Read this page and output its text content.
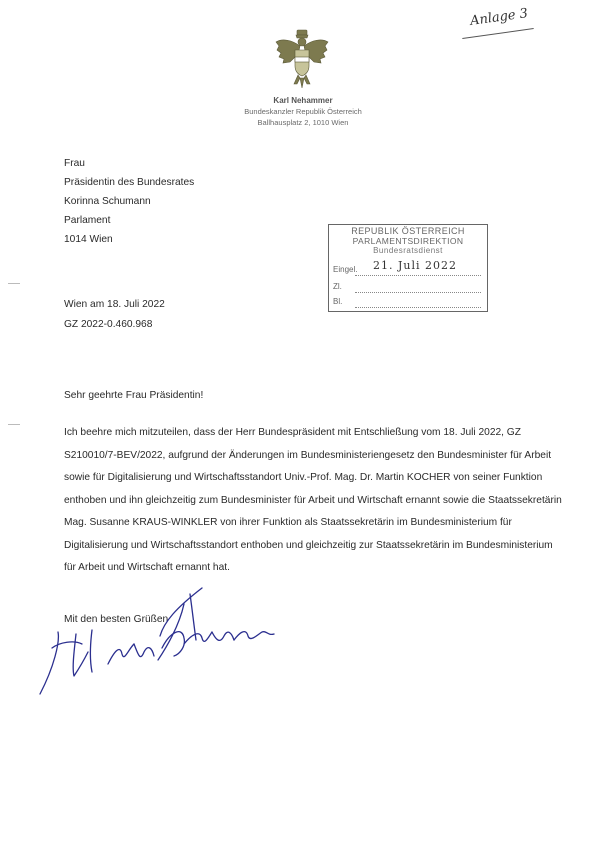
Anlage 3
Karl Nehammer
Bundeskanzler Republik Österreich
Ballhausplatz 2, 1010 Wien
Frau
Präsidentin des Bundesrates
Korinna Schumann
Parlament
1014 Wien
REPUBLIK ÖSTERREICH
PARLAMENTSDIREKTION
Bundesratsdienst
Eingel. 21. Juli 2022
Zl.
Bl.
Wien am 18. Juli 2022
GZ 2022-0.460.968
Sehr geehrte Frau Präsidentin!
Ich beehre mich mitzuteilen, dass der Herr Bundespräsident mit Entschließung vom 18. Juli 2022, GZ S210010/7-BEV/2022, aufgrund der Änderungen im Bundesministeriengesetz den Bundesminister für Arbeit sowie für Digitalisierung und Wirtschaftsstandort Univ.-Prof. Mag. Dr. Martin KOCHER von seiner Funktion enthoben und ihn gleichzeitig zum Bundesminister für Arbeit und Wirtschaft ernannt sowie die Staatssekretärin Mag. Susanne KRAUS-WINKLER von ihrer Funktion als Staatssekretärin im Bundesministerium für Digitalisierung und Wirtschaftsstandort enthoben und gleichzeitig zur Staatssekretärin im Bundesministerium für Arbeit und Wirtschaft ernannt hat.
Mit den besten Grüßen
